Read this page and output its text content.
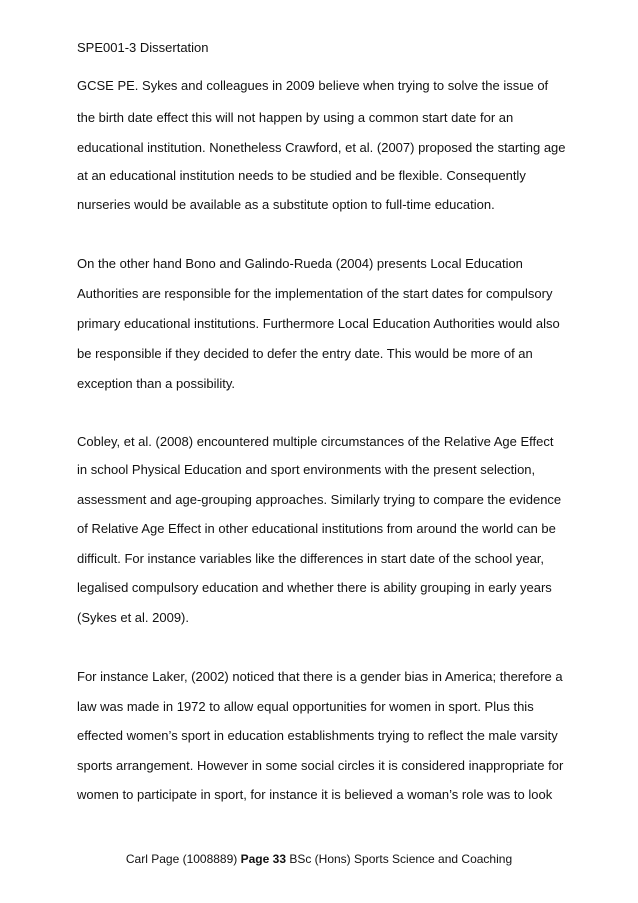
SPE001-3 Dissertation
GCSE PE. Sykes and colleagues in 2009 believe when trying to solve the issue of
the birth date effect this will not happen by using a common start date for an
educational institution. Nonetheless Crawford, et al. (2007) proposed the starting age
at an educational institution needs to be studied and be flexible. Consequently
nurseries would be available as a substitute option to full-time education.
On the other hand Bono and Galindo-Rueda (2004) presents Local Education
Authorities are responsible for the implementation of the start dates for compulsory
primary educational institutions. Furthermore Local Education Authorities would also
be responsible if they decided to defer the entry date. This would be more of an
exception than a possibility.
Cobley, et al. (2008) encountered multiple circumstances of the Relative Age Effect
in school Physical Education and sport environments with the present selection,
assessment and age-grouping approaches. Similarly trying to compare the evidence
of Relative Age Effect in other educational institutions from around the world can be
difficult. For instance variables like the differences in start date of the school year,
legalised compulsory education and whether there is ability grouping in early years
(Sykes et al. 2009).
For instance Laker, (2002) noticed that there is a gender bias in America; therefore a
law was made in 1972 to allow equal opportunities for women in sport. Plus this
effected women’s sport in education establishments trying to reflect the male varsity
sports arrangement. However in some social circles it is considered inappropriate for
women to participate in sport, for instance it is believed a woman’s role was to look
Carl Page (1008889) Page 33 BSc (Hons) Sports Science and Coaching
